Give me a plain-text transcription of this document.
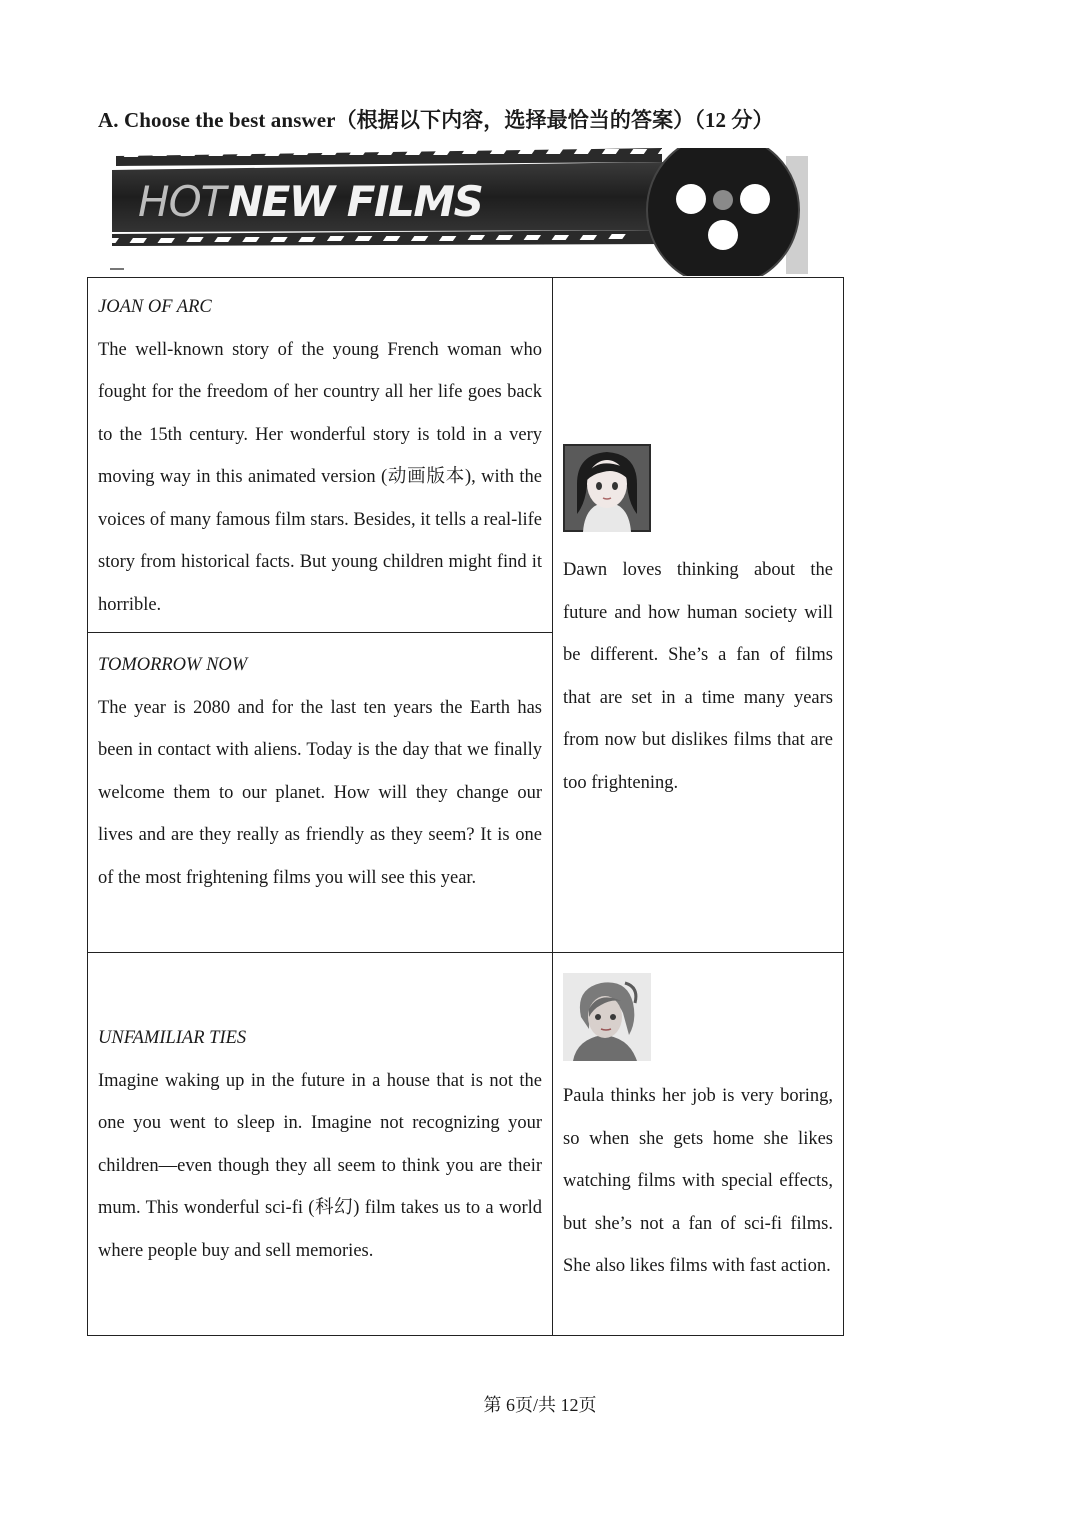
A. Choose the best answer（根据以下内容，选择最恰当的答案）（12 分）
HOT NEW FILMS

JOAN OF ARC

The well-known story of the young French woman who fought for the freedom of her country all her life goes back to the 15th century. Her wonderful story is told in a very moving way in this animated version (动画版本), with the voices of many famous film stars. Besides, it tells a real-life story from historical facts. But young children might find it horrible.	Dawn loves thinking about the future and how human society will be different. She’s a fan of films that are set in a time many years from now but dislikes films that are too frightening.

TOMORROW NOW

The year is 2080 and for the last ten years the Earth has been in contact with aliens. Today is the day that we finally welcome them to our planet. How will they change our lives and are they really as friendly as they seem? It is one of the most frightening films you will see this year.	

UNFAMILIAR TIES

Imagine waking up in the future in a house that is not the one you went to sleep in. Imagine not recognizing your children—even though they all seem to think you are their mum. This wonderful sci-fi (科幻) film takes us to a world where people buy and sell memories.	Paula thinks her job is very boring, so when she gets home she likes watching films with special effects, but she’s not a fan of sci-fi films. She also likes films with fast action.

第 6页/共 12页
